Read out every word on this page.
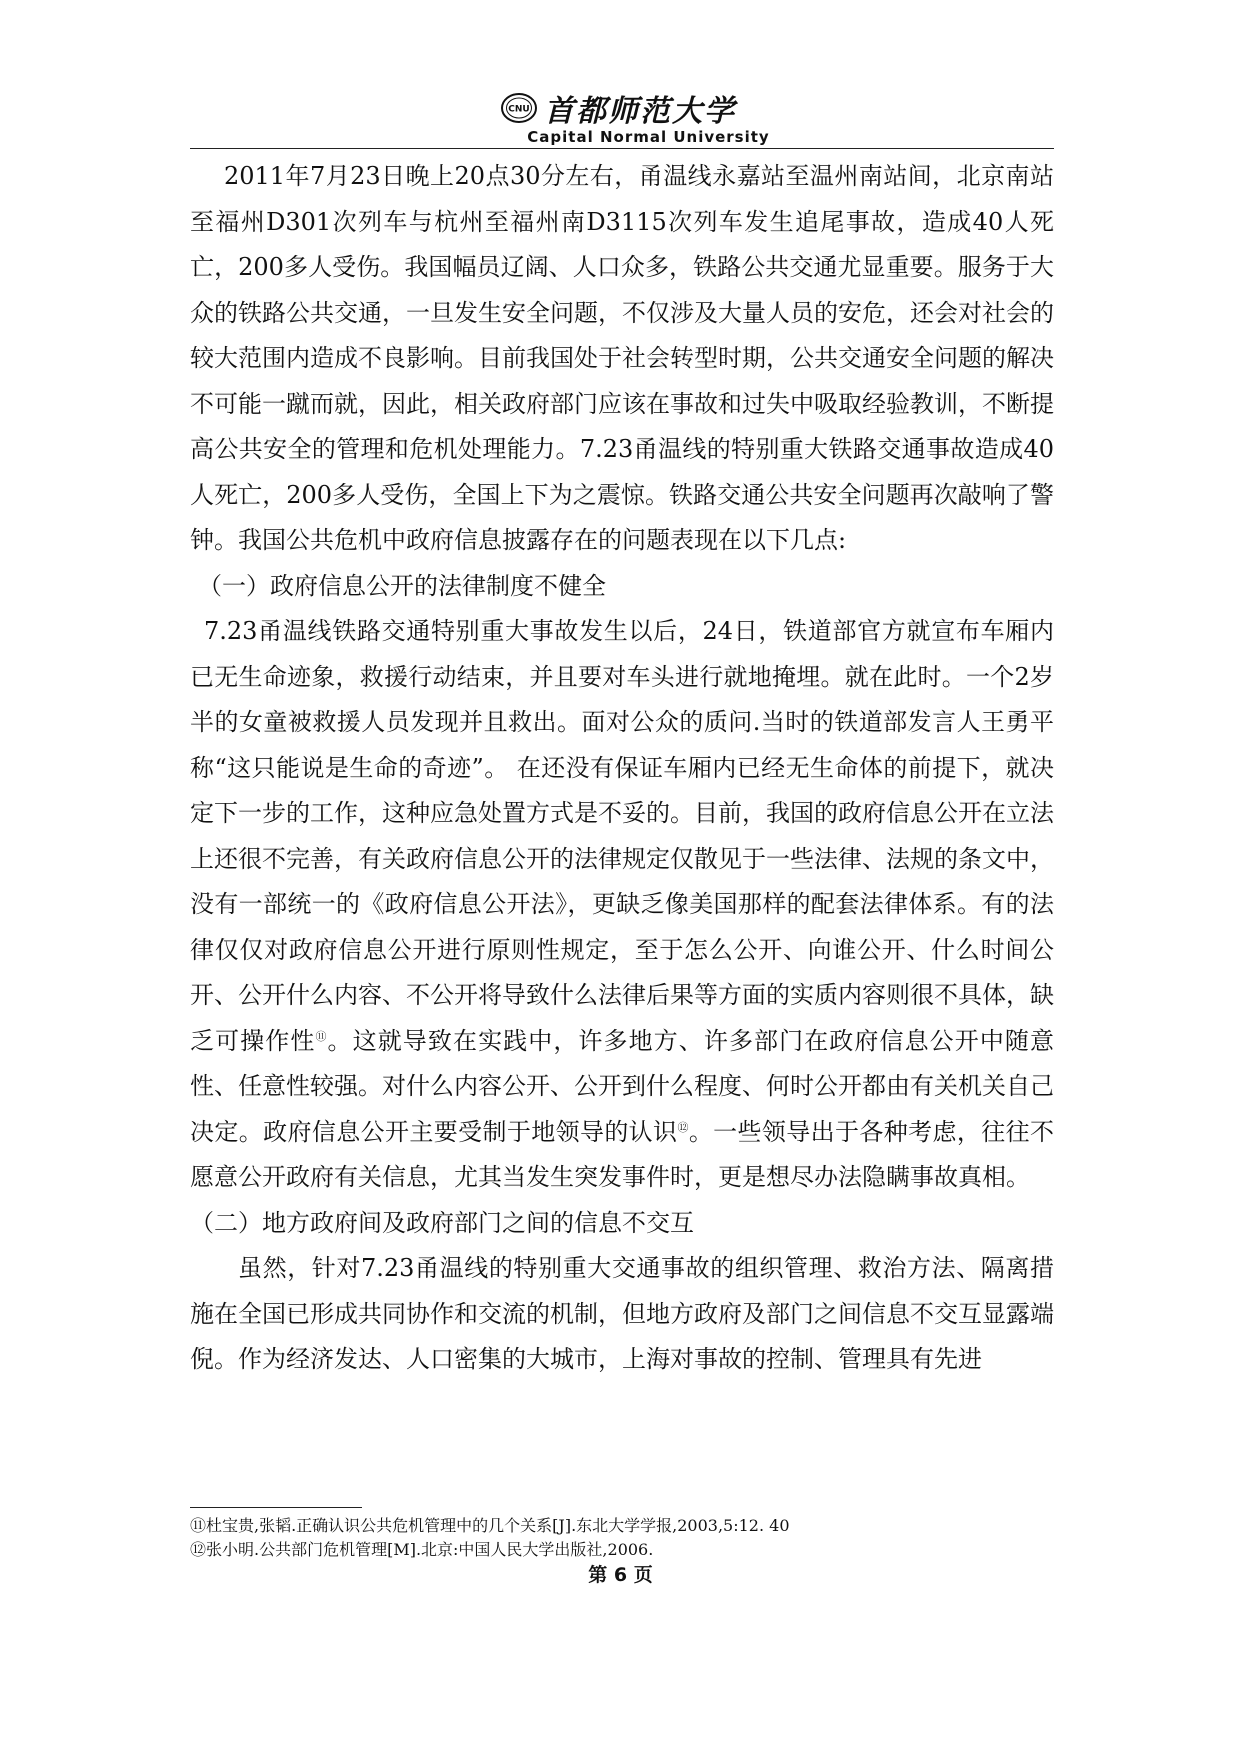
CNU 首都师范大学
Capital Normal University

2011年7月23日晚上20点30分左右，甬温线永嘉站至温州南站间，北京南站至福州D301次列车与杭州至福州南D3115次列车发生追尾事故，造成40人死亡，200多人受伤。我国幅员辽阔、人口众多，铁路公共交通尤显重要。服务于大众的铁路公共交通，一旦发生安全问题，不仅涉及大量人员的安危，还会对社会的较大范围内造成不良影响。目前我国处于社会转型时期，公共交通安全问题的解决不可能一蹴而就，因此，相关政府部门应该在事故和过失中吸取经验教训，不断提高公共安全的管理和危机处理能力。7.23甬温线的特别重大铁路交通事故造成40人死亡，200多人受伤，全国上下为之震惊。铁路交通公共安全问题再次敲响了警钟。我国公共危机中政府信息披露存在的问题表现在以下几点:

（一）政府信息公开的法律制度不健全

7.23甬温线铁路交通特别重大事故发生以后，24日，铁道部官方就宣布车厢内已无生命迹象，救援行动结束，并且要对车头进行就地掩埋。就在此时。一个2岁半的女童被救援人员发现并且救出。面对公众的质问.当时的铁道部发言人王勇平称“这只能说是生命的奇迹”。 在还没有保证车厢内已经无生命体的前提下，就决定下一步的工作，这种应急处置方式是不妥的。目前，我国的政府信息公开在立法上还很不完善，有关政府信息公开的法律规定仅散见于一些法律、法规的条文中，没有一部统一的《政府信息公开法》，更缺乏像美国那样的配套法律体系。有的法律仅仅对政府信息公开进行原则性规定，至于怎么公开、向谁公开、什么时间公开、公开什么内容、不公开将导致什么法律后果等方面的实质内容则很不具体，缺乏可操作性⑪。这就导致在实践中，许多地方、许多部门在政府信息公开中随意性、任意性较强。对什么内容公开、公开到什么程度、何时公开都由有关机关自己决定。政府信息公开主要受制于地领导的认识⑫。一些领导出于各种考虑，往往不愿意公开政府有关信息，尤其当发生突发事件时，更是想尽办法隐瞒事故真相。

（二）地方政府间及政府部门之间的信息不交互

虽然，针对7.23甬温线的特别重大交通事故的组织管理、救治方法、隔离措施在全国已形成共同协作和交流的机制，但地方政府及部门之间信息不交互显露端倪。作为经济发达、人口密集的大城市，上海对事故的控制、管理具有先进

⑪杜宝贵,张韬.正确认识公共危机管理中的几个关系[J].东北大学学报,2003,5:12. 40
⑫张小明.公共部门危机管理[M].北京:中国人民大学出版社,2006.
第 6 页
